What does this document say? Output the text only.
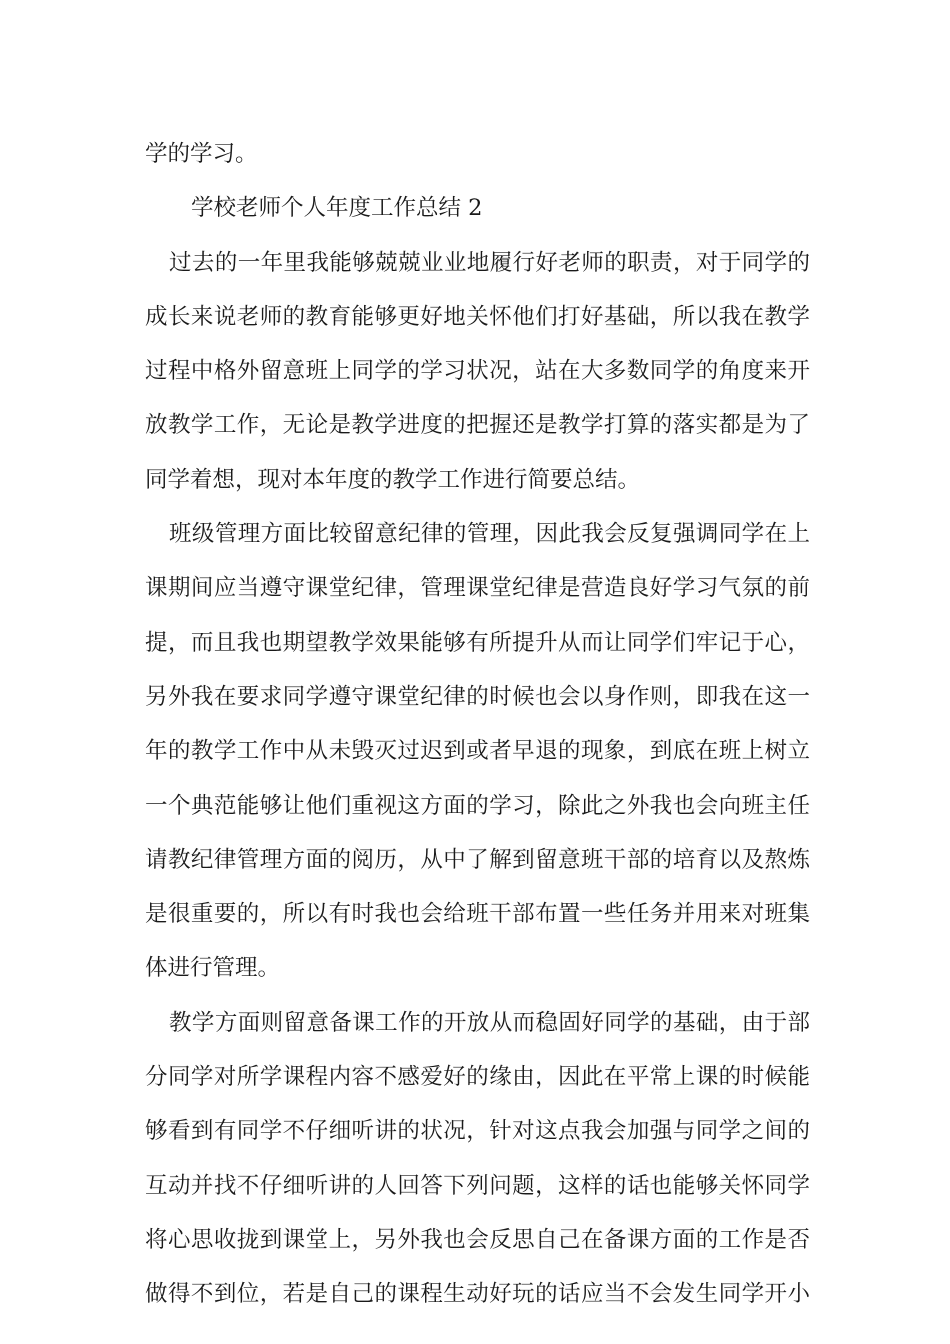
学的学习。
学校老师个人年度工作总结 2
过去的一年里我能够兢兢业业地履行好老师的职责，对于同学的
成长来说老师的教育能够更好地关怀他们打好基础，所以我在教学
过程中格外留意班上同学的学习状况，站在大多数同学的角度来开
放教学工作，无论是教学进度的把握还是教学打算的落实都是为了
同学着想，现对本年度的教学工作进行简要总结。
班级管理方面比较留意纪律的管理，因此我会反复强调同学在上
课期间应当遵守课堂纪律，管理课堂纪律是营造良好学习气氛的前
提，而且我也期望教学效果能够有所提升从而让同学们牢记于心，
另外我在要求同学遵守课堂纪律的时候也会以身作则，即我在这一
年的教学工作中从未毁灭过迟到或者早退的现象，到底在班上树立
一个典范能够让他们重视这方面的学习，除此之外我也会向班主任
请教纪律管理方面的阅历，从中了解到留意班干部的培育以及熬炼
是很重要的，所以有时我也会给班干部布置一些任务并用来对班集
体进行管理。
教学方面则留意备课工作的开放从而稳固好同学的基础，由于部
分同学对所学课程内容不感爱好的缘由，因此在平常上课的时候能
够看到有同学不仔细听讲的状况，针对这点我会加强与同学之间的
互动并找不仔细听讲的人回答下列问题，这样的话也能够关怀同学
将心思收拢到课堂上，另外我也会反思自己在备课方面的工作是否
做得不到位，若是自己的课程生动好玩的话应当不会发生同学开小
